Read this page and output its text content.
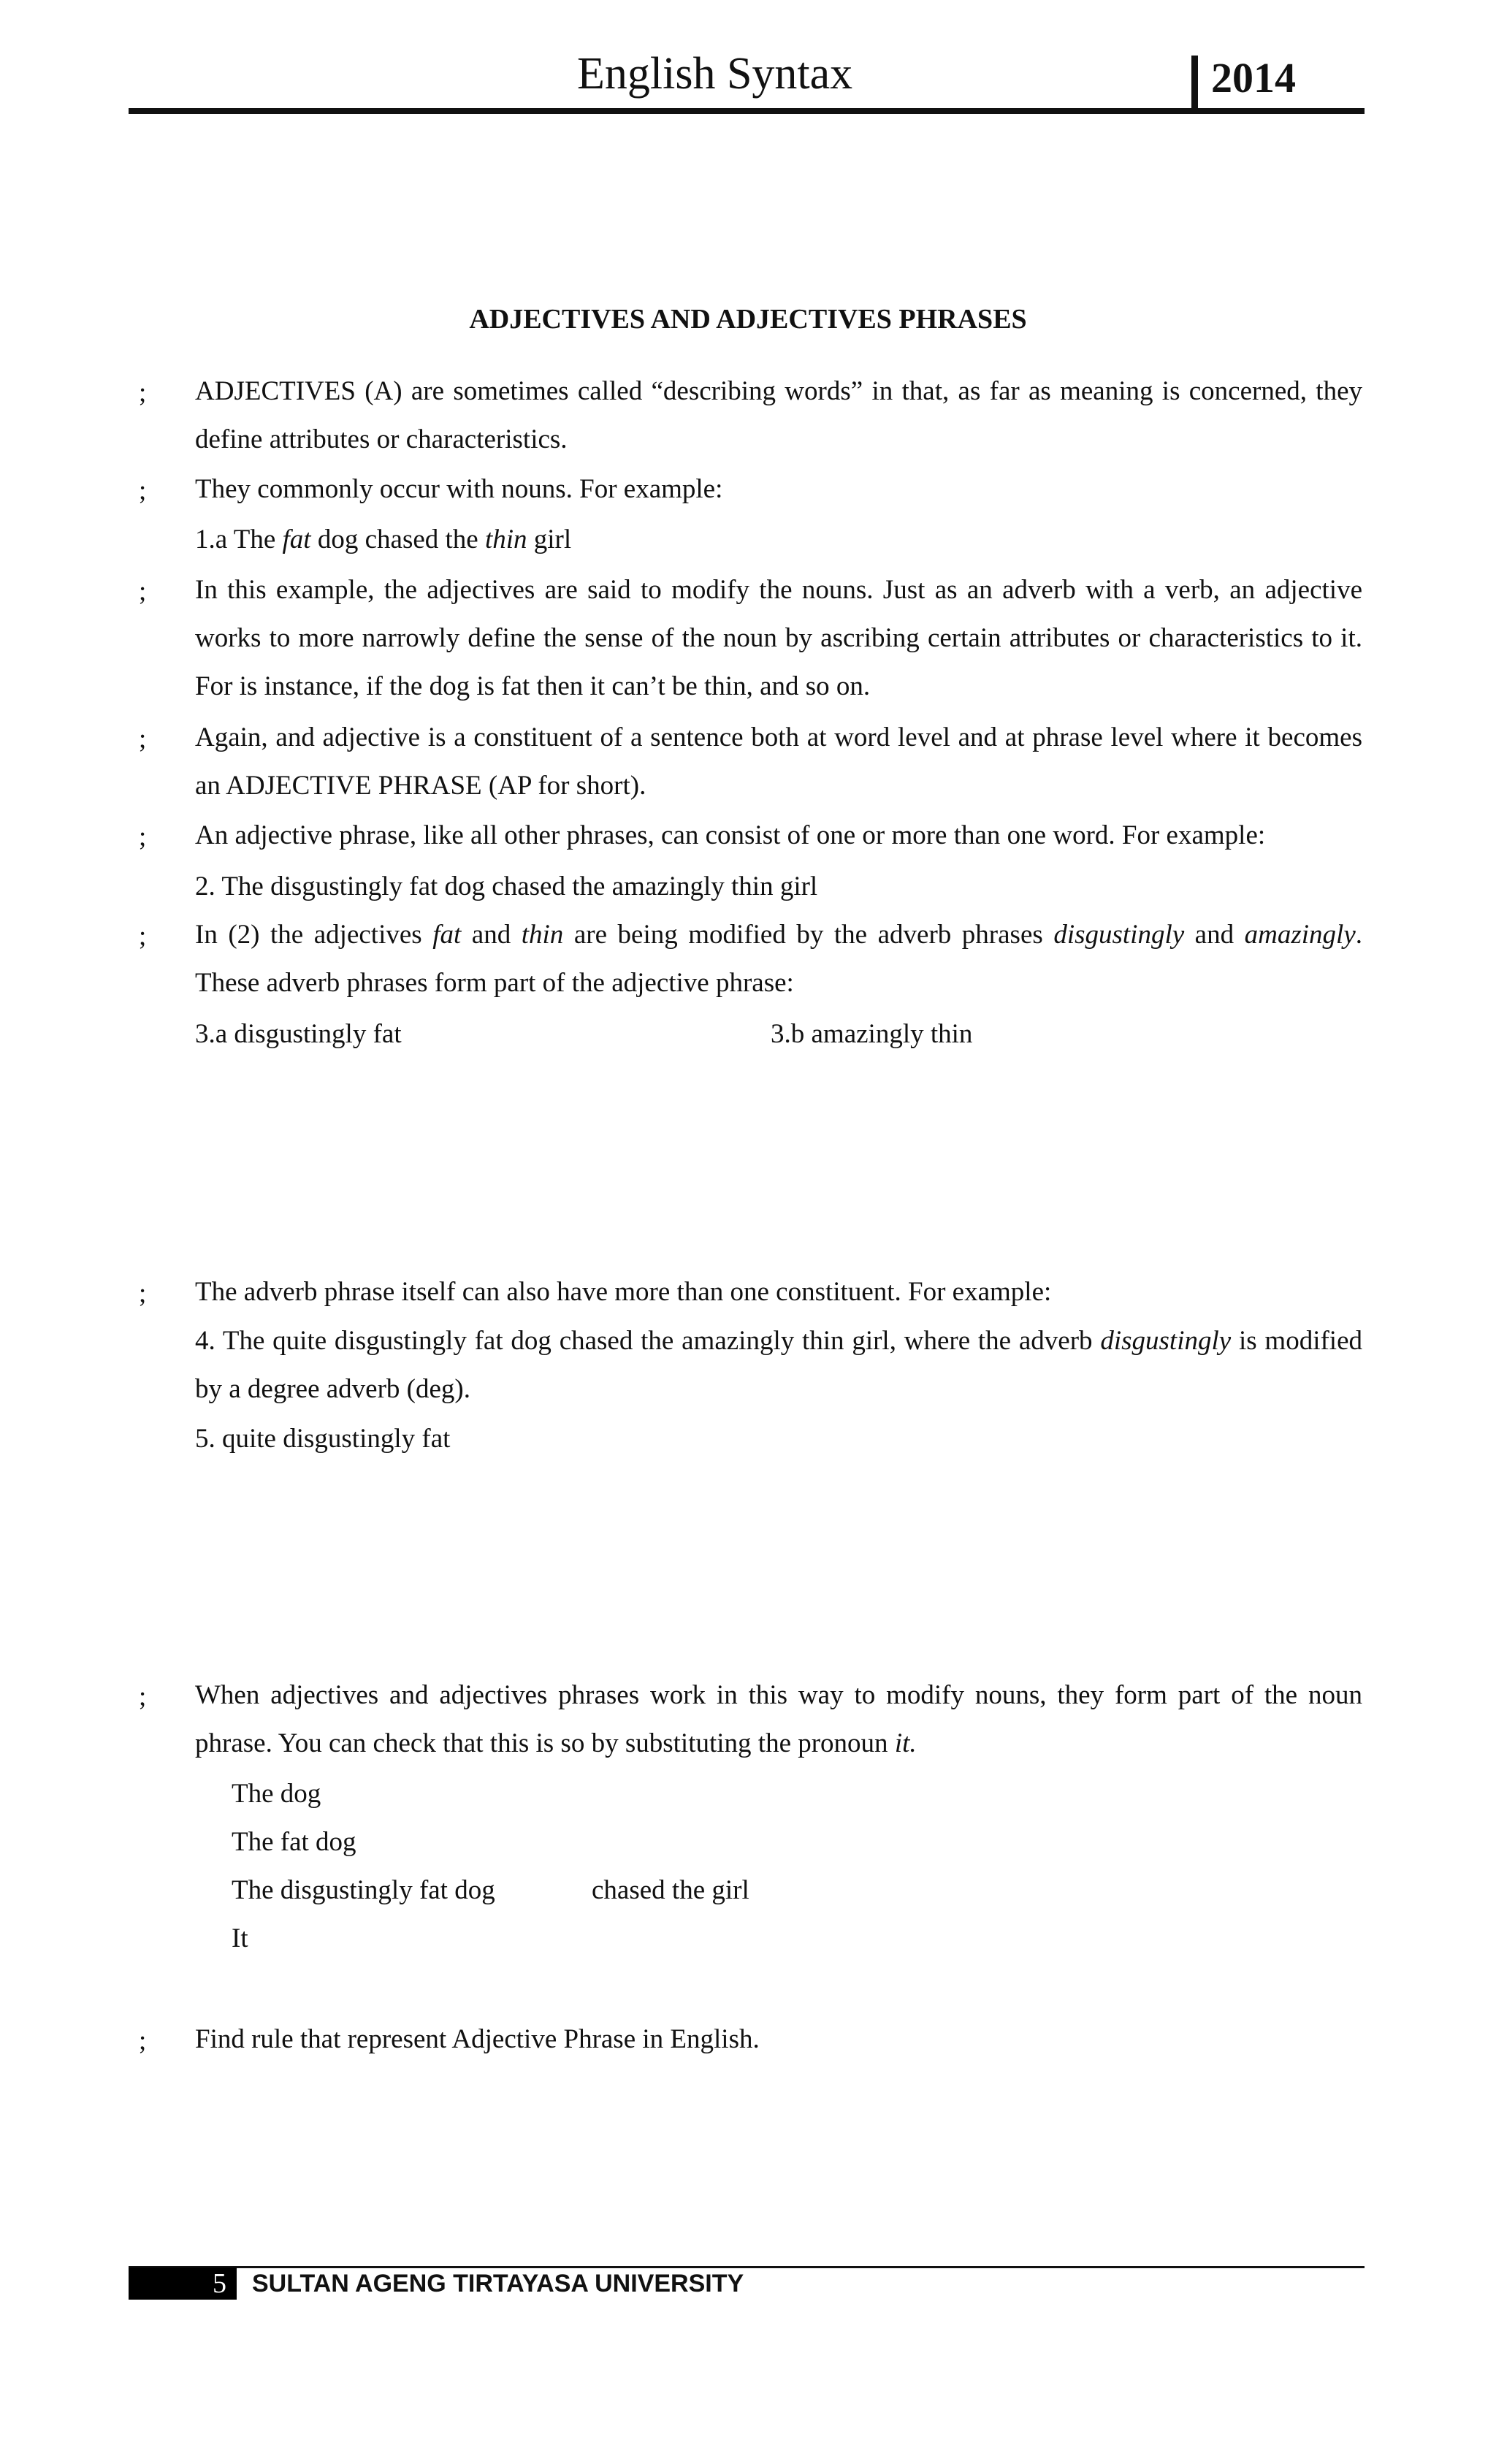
English Syntax	2014
ADJECTIVES AND ADJECTIVES PHRASES
; ADJECTIVES (A) are sometimes called “describing words” in that, as far as meaning is concerned, they define attributes or characteristics.
; They commonly occur with nouns. For example:
1.a The fat dog chased the thin girl
; In this example, the adjectives are said to modify the nouns. Just as an adverb with a verb, an adjective works to more narrowly define the sense of the noun by ascribing certain attributes or characteristics to it. For is instance, if the dog is fat then it can’t be thin, and so on.
; Again, and adjective is a constituent of a sentence both at word level and at phrase level where it becomes an ADJECTIVE PHRASE (AP for short).
; An adjective phrase, like all other phrases, can consist of one or more than one word. For example:
2. The disgustingly fat dog chased the amazingly thin girl
; In (2) the adjectives fat and thin are being modified by the adverb phrases disgustingly and amazingly. These adverb phrases form part of the adjective phrase:
3.a disgustingly fat	3.b amazingly thin
; The adverb phrase itself can also have more than one constituent. For example:
4. The quite disgustingly fat dog chased the amazingly thin girl, where the adverb disgustingly is modified by a degree adverb (deg).
5. quite disgustingly fat
; When adjectives and adjectives phrases work in this way to modify nouns, they form part of the noun phrase. You can check that this is so by substituting the pronoun it.
The dog
The fat dog
The disgustingly fat dog	chased the girl
It
; Find rule that represent Adjective Phrase in English.
5	SULTAN AGENG TIRTAYASA UNIVERSITY
